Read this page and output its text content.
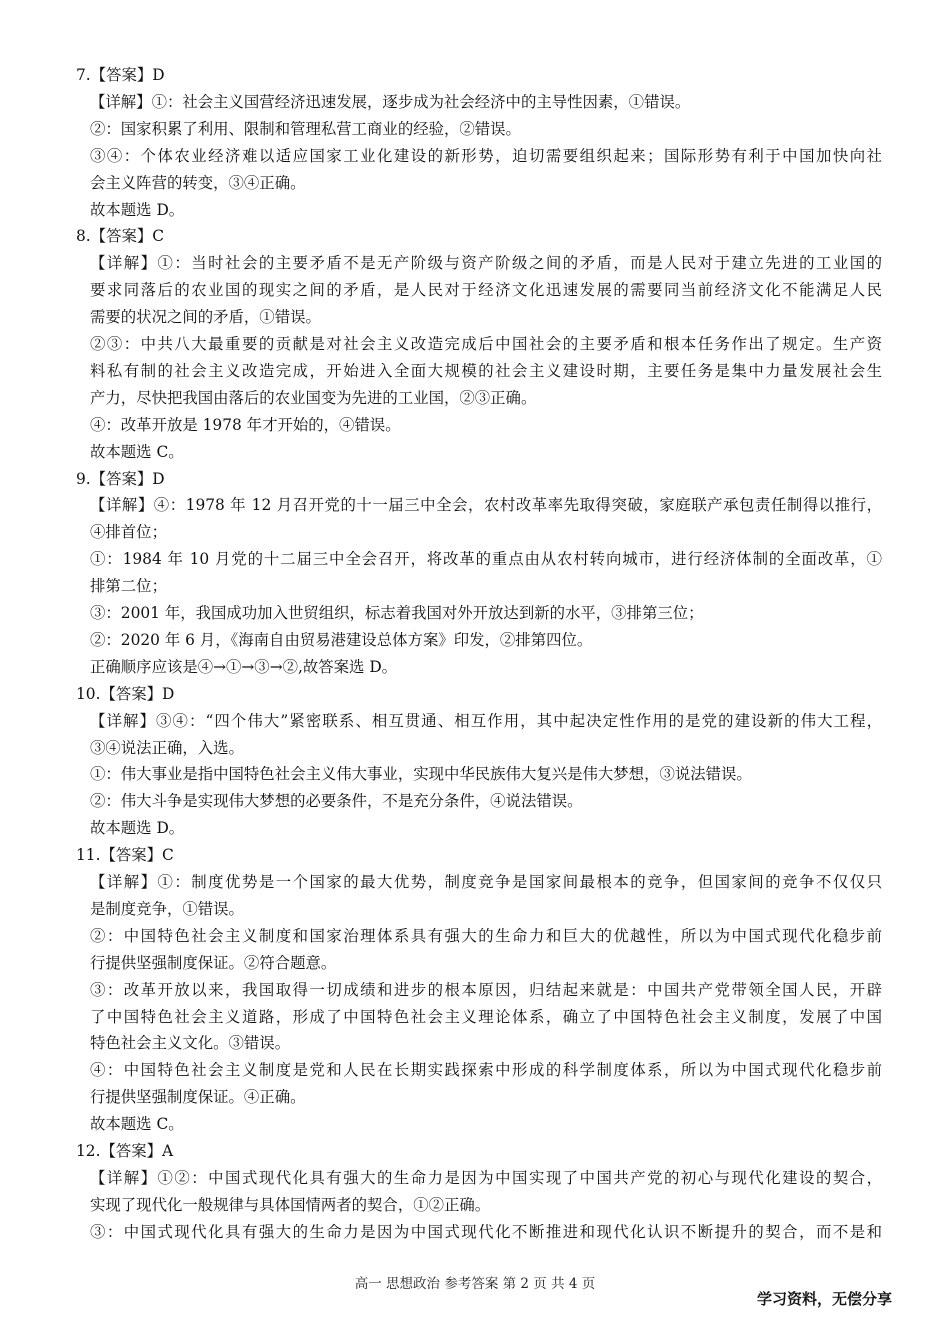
7.【答案】D
【详解】①：社会主义国营经济迅速发展，逐步成为社会经济中的主导性因素，①错误。
②：国家积累了利用、限制和管理私营工商业的经验，②错误。
③④：个体农业经济难以适应国家工业化建设的新形势，迫切需要组织起来；国际形势有利于中国加快向社
会主义阵营的转变，③④正确。
故本题选 D。
8.【答案】C
【详解】①：当时社会的主要矛盾不是无产阶级与资产阶级之间的矛盾，而是人民对于建立先进的工业国的
要求同落后的农业国的现实之间的矛盾，是人民对于经济文化迅速发展的需要同当前经济文化不能满足人民
需要的状况之间的矛盾，①错误。
②③：中共八大最重要的贡献是对社会主义改造完成后中国社会的主要矛盾和根本任务作出了规定。生产资
料私有制的社会主义改造完成，开始进入全面大规模的社会主义建设时期，主要任务是集中力量发展社会生
产力，尽快把我国由落后的农业国变为先进的工业国，②③正确。
④：改革开放是 1978 年才开始的，④错误。
故本题选 C。
9.【答案】D
【详解】④：1978 年 12 月召开党的十一届三中全会，农村改革率先取得突破，家庭联产承包责任制得以推行，
④排首位；
①：1984 年 10 月党的十二届三中全会召开，将改革的重点由从农村转向城市，进行经济体制的全面改革，①
排第二位；
③：2001 年，我国成功加入世贸组织，标志着我国对外开放达到新的水平，③排第三位；
②：2020 年 6 月，《海南自由贸易港建设总体方案》印发，②排第四位。
正确顺序应该是④→①→③→②,故答案选 D。
10.【答案】D
【详解】③④：“四个伟大”紧密联系、相互贯通、相互作用，其中起决定性作用的是党的建设新的伟大工程，
③④说法正确，入选。
①：伟大事业是指中国特色社会主义伟大事业，实现中华民族伟大复兴是伟大梦想，③说法错误。
②：伟大斗争是实现伟大梦想的必要条件，不是充分条件，④说法错误。
故本题选 D。
11.【答案】C
【详解】①：制度优势是一个国家的最大优势，制度竞争是国家间最根本的竞争，但国家间的竞争不仅仅只
是制度竞争，①错误。
②：中国特色社会主义制度和国家治理体系具有强大的生命力和巨大的优越性，所以为中国式现代化稳步前
行提供坚强制度保证。②符合题意。
③：改革开放以来，我国取得一切成绩和进步的根本原因，归结起来就是：中国共产党带领全国人民，开辟
了中国特色社会主义道路，形成了中国特色社会主义理论体系，确立了中国特色社会主义制度，发展了中国
特色社会主义文化。③错误。
④：中国特色社会主义制度是党和人民在长期实践探索中形成的科学制度体系，所以为中国式现代化稳步前
行提供坚强制度保证。④正确。
故本题选 C。
12.【答案】A
【详解】①②：中国式现代化具有强大的生命力是因为中国实现了中国共产党的初心与现代化建设的契合，
实现了现代化一般规律与具体国情两者的契合，①②正确。
③：中国式现代化具有强大的生命力是因为中国式现代化不断推进和现代化认识不断提升的契合，而不是和
高一 思想政治 参考答案 第 2 页 共 4 页
学习资料，无偿分享
